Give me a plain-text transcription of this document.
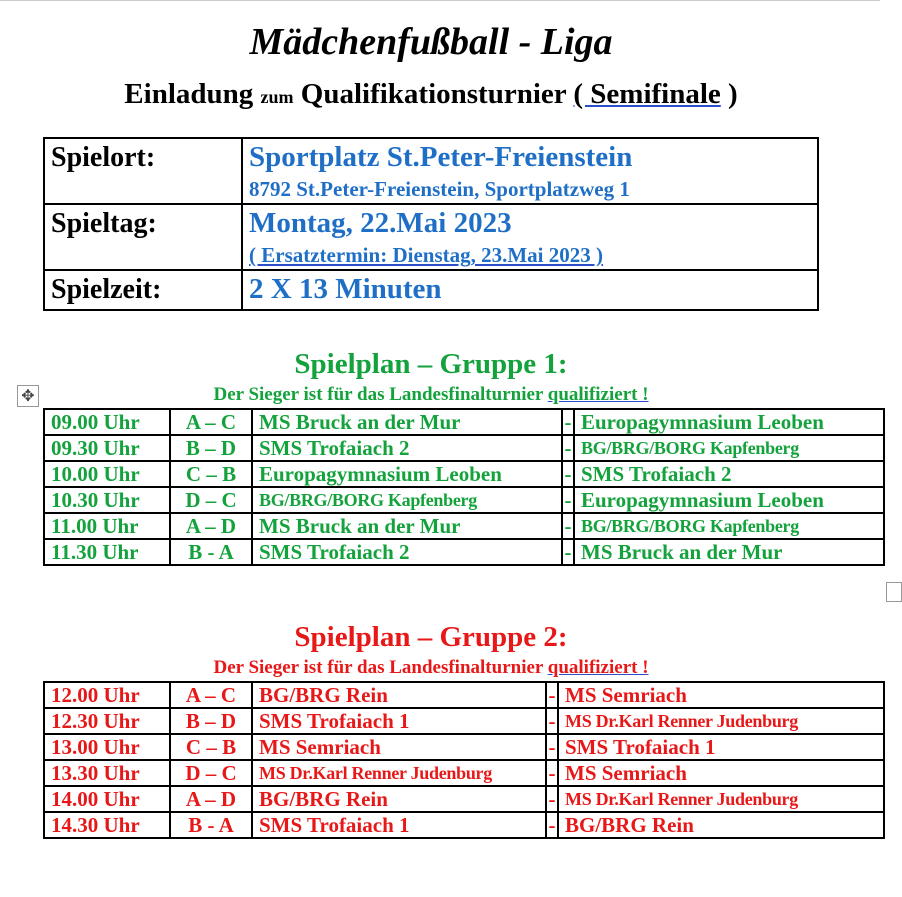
Mädchenfußball - Liga
Einladung zum Qualifikationsturnier ( Semifinale )
Spielort:	Sportplatz St.Peter-Freienstein
8792 St.Peter-Freienstein, Sportplatzweg 1

Spieltag:	Montag, 22.Mai 2023
( Ersatztermin: Dienstag, 23.Mai 2023 )

Spielzeit:	2 X 13 Minuten
Spielplan – Gruppe 1:
Der Sieger ist für das Landesfinalturnier qualifiziert !
✥
09.00 Uhr	A – C	MS Bruck an der Mur	-	Europagymnasium Leoben
09.30 Uhr	B – D	SMS Trofaiach 2	-	BG/BRG/BORG Kapfenberg
10.00 Uhr	C – B	Europagymnasium Leoben	-	SMS Trofaiach 2
10.30 Uhr	D – C	BG/BRG/BORG Kapfenberg	-	Europagymnasium Leoben
11.00 Uhr	A – D	MS Bruck an der Mur	-	BG/BRG/BORG Kapfenberg
11.30 Uhr	B - A	SMS Trofaiach 2	-	MS Bruck an der Mur
Spielplan – Gruppe 2:
Der Sieger ist für das Landesfinalturnier qualifiziert !
12.00 Uhr	A – C	BG/BRG Rein	-	MS Semriach
12.30 Uhr	B – D	SMS Trofaiach 1	-	MS Dr.Karl Renner Judenburg
13.00 Uhr	C – B	MS Semriach	-	SMS Trofaiach 1
13.30 Uhr	D – C	MS Dr.Karl Renner Judenburg	-	MS Semriach
14.00 Uhr	A – D	BG/BRG Rein	-	MS Dr.Karl Renner Judenburg
14.30 Uhr	B - A	SMS Trofaiach 1	-	BG/BRG Rein
